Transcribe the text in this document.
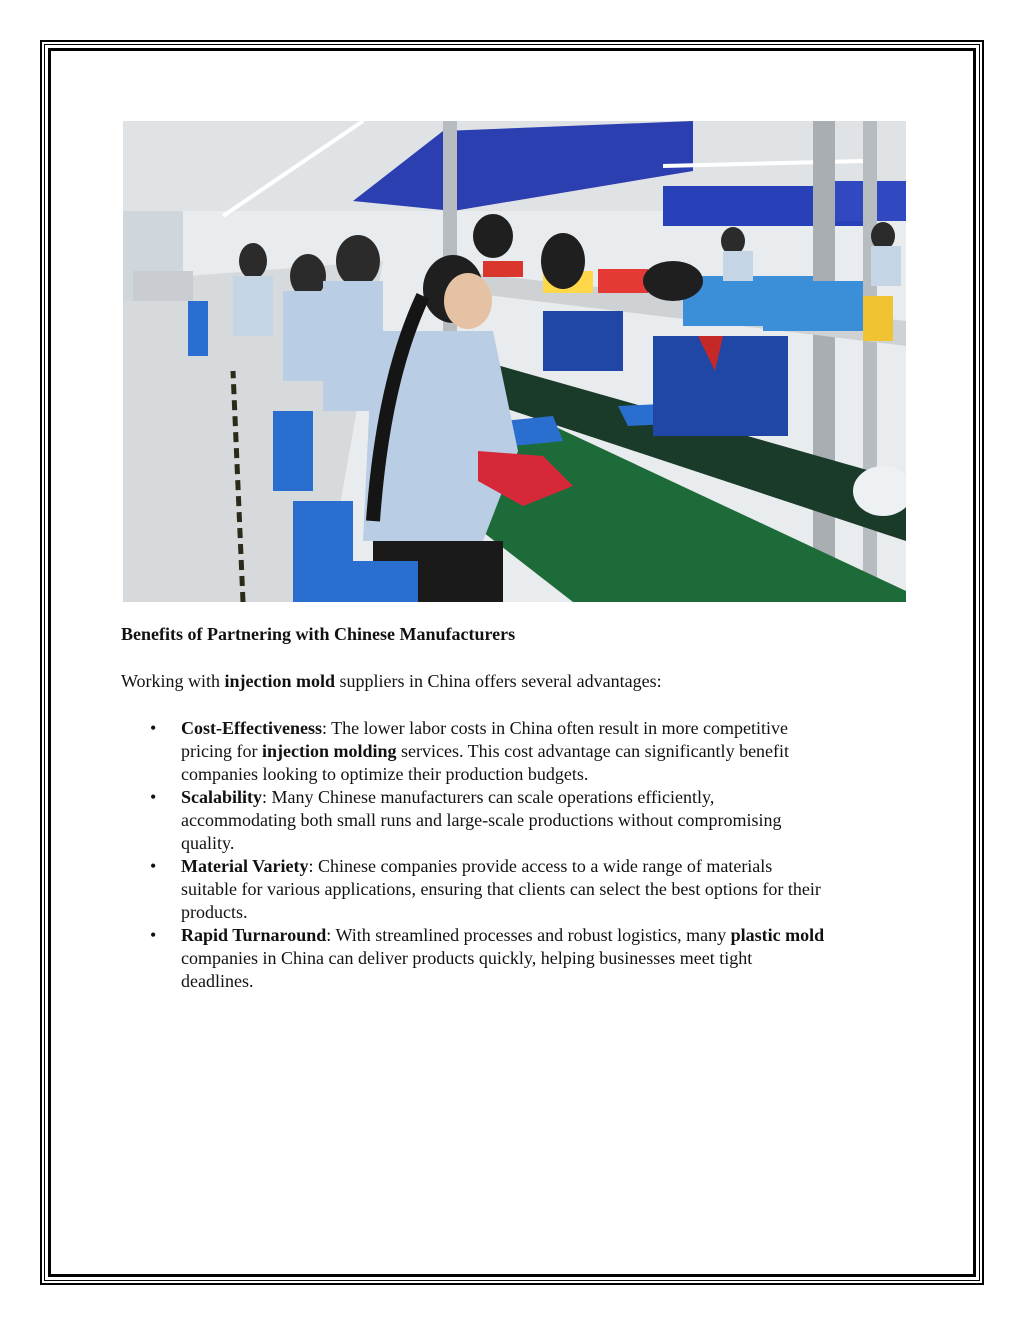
Benefits of Partnering with Chinese Manufacturers

Working with injection mold suppliers in China offers several advantages:

• Cost-Effectiveness: The lower labor costs in China often result in more competitive
pricing for injection molding services. This cost advantage can significantly benefit
companies looking to optimize their production budgets.
• Scalability: Many Chinese manufacturers can scale operations efficiently,
accommodating both small runs and large-scale productions without compromising
quality.
• Material Variety: Chinese companies provide access to a wide range of materials
suitable for various applications, ensuring that clients can select the best options for their
products.
• Rapid Turnaround: With streamlined processes and robust logistics, many plastic mold
companies in China can deliver products quickly, helping businesses meet tight
deadlines.
